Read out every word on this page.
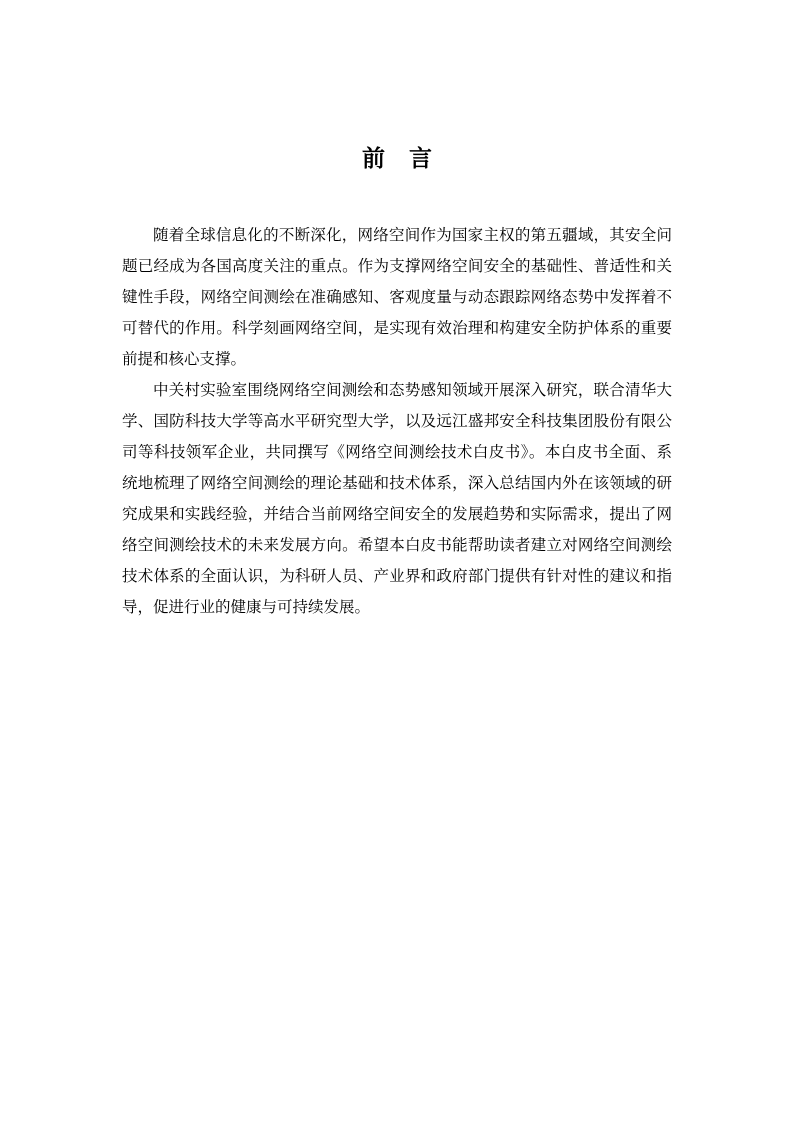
前 言

随着全球信息化的不断深化，网络空间作为国家主权的第五疆域，其安全问题已经成为各国高度关注的重点。作为支撑网络空间安全的基础性、普适性和关键性手段，网络空间测绘在准确感知、客观度量与动态跟踪网络态势中发挥着不可替代的作用。科学刻画网络空间，是实现有效治理和构建安全防护体系的重要前提和核心支撑。

中关村实验室围绕网络空间测绘和态势感知领域开展深入研究，联合清华大学、国防科技大学等高水平研究型大学，以及远江盛邦安全科技集团股份有限公司等科技领军企业，共同撰写《网络空间测绘技术白皮书》。本白皮书全面、系统地梳理了网络空间测绘的理论基础和技术体系，深入总结国内外在该领域的研究成果和实践经验，并结合当前网络空间安全的发展趋势和实际需求，提出了网络空间测绘技术的未来发展方向。希望本白皮书能帮助读者建立对网络空间测绘技术体系的全面认识，为科研人员、产业界和政府部门提供有针对性的建议和指导，促进行业的健康与可持续发展。
